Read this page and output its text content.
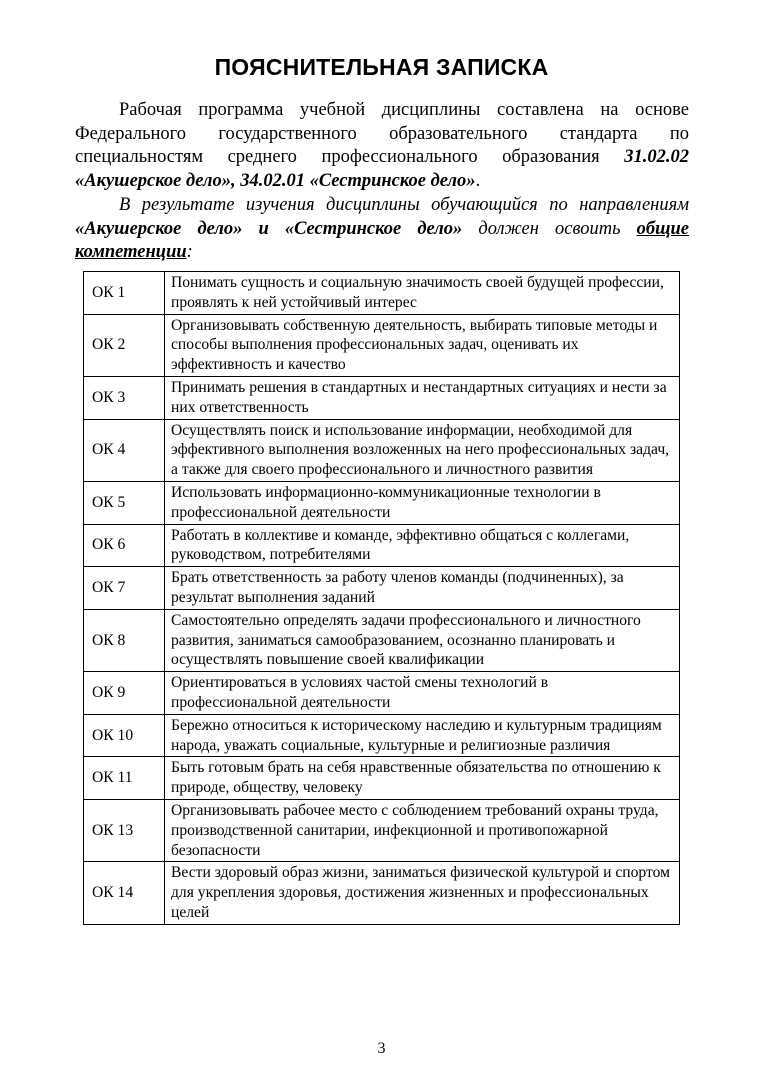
ПОЯСНИТЕЛЬНАЯ ЗАПИСКА

Рабочая программа учебной дисциплины составлена на основе Федерального государственного образовательного стандарта по специальностям среднего профессионального образования 31.02.02 «Акушерское дело», 34.02.01 «Сестринское дело».

В результате изучения дисциплины обучающийся по направлениям «Акушерское дело» и «Сестринское дело» должен освоить общие компетенции:

ОК 1	Понимать сущность и социальную значимость своей будущей профессии, проявлять к ней устойчивый интерес
ОК 2	Организовывать собственную деятельность, выбирать типовые методы и способы выполнения профессиональных задач, оценивать их эффективность и качество
ОК 3	Принимать решения в стандартных и нестандартных ситуациях и нести за них ответственность
ОК 4	Осуществлять поиск и использование информации, необходимой для эффективного выполнения возложенных на него профессиональных задач, а также для своего профессионального и личностного развития
ОК 5	Использовать информационно-коммуникационные технологии в профессиональной деятельности
ОК 6	Работать в коллективе и команде, эффективно общаться с коллегами, руководством, потребителями
ОК 7	Брать ответственность за работу членов команды (подчиненных), за результат выполнения заданий
ОК 8	Самостоятельно определять задачи профессионального и личностного развития, заниматься самообразованием, осознанно планировать и осуществлять повышение своей квалификации
ОК 9	Ориентироваться в условиях частой смены технологий в профессиональной деятельности
ОК 10	Бережно относиться к историческому наследию и культурным традициям народа, уважать социальные, культурные и религиозные различия
ОК 11	Быть готовым брать на себя нравственные обязательства по отношению к природе, обществу, человеку
ОК 13	Организовывать рабочее место с соблюдением требований охраны труда, производственной санитарии, инфекционной и противопожарной безопасности
ОК 14	Вести здоровый образ жизни, заниматься физической культурой и спортом для укрепления здоровья, достижения жизненных и профессиональных целей
3
